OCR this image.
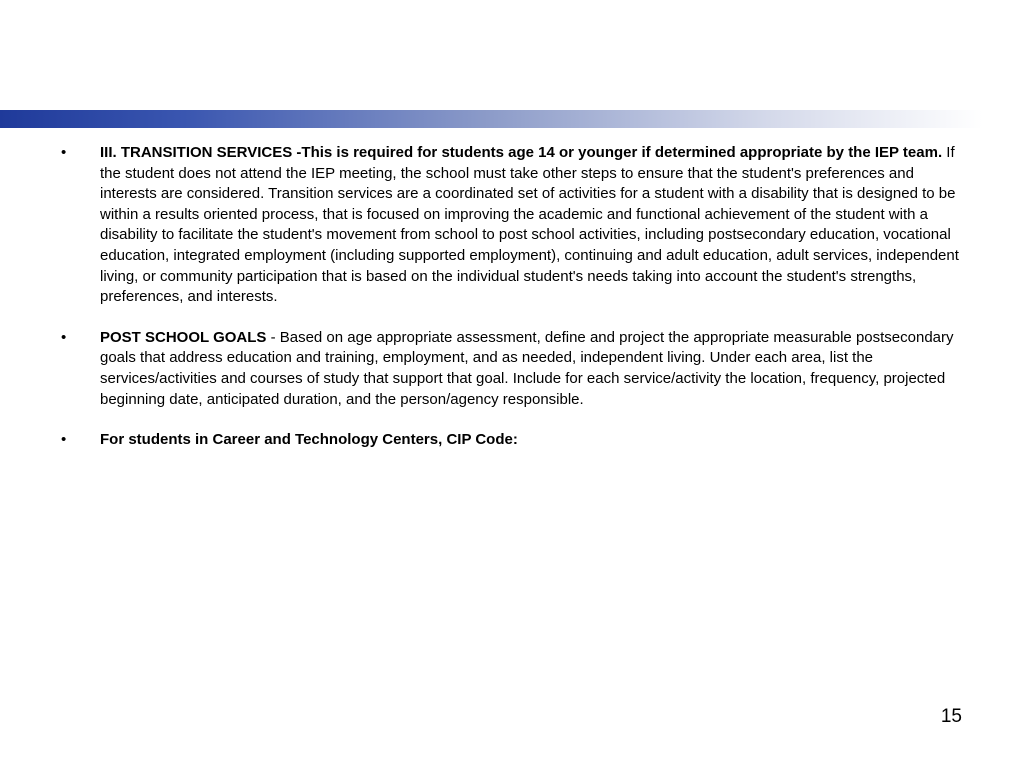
• III. TRANSITION SERVICES -This is required for students age 14 or younger if determined appropriate by the IEP team. If the student does not attend the IEP meeting, the school must take other steps to ensure that the student's preferences and interests are considered. Transition services are a coordinated set of activities for a student with a disability that is designed to be within a results oriented process, that is focused on improving the academic and functional achievement of the student with a disability to facilitate the student's movement from school to post school activities, including postsecondary education, vocational education, integrated employment (including supported employment), continuing and adult education, adult services, independent living, or community participation that is based on the individual student's needs taking into account the student's strengths, preferences, and interests.
• POST SCHOOL GOALS - Based on age appropriate assessment, define and project the appropriate measurable postsecondary goals that address education and training, employment, and as needed, independent living. Under each area, list the services/activities and courses of study that support that goal. Include for each service/activity the location, frequency, projected beginning date, anticipated duration, and the person/agency responsible.
• For students in Career and Technology Centers, CIP Code:
15
